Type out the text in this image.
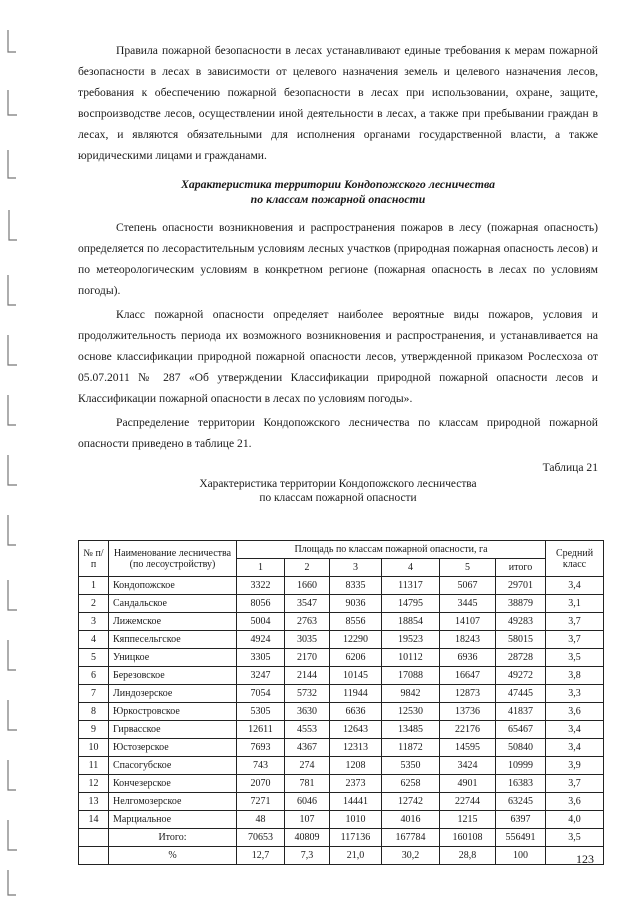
Правила пожарной безопасности в лесах устанавливают единые требования к мерам пожарной безопасности в лесах в зависимости от целевого назначения земель и целевого назначения лесов, требования к обеспечению пожарной безопасности в лесах при использовании, охране, защите, воспроизводстве лесов, осуществлении иной деятельности в лесах, а также при пребывании граждан в лесах, и являются обязательными для исполнения органами государственной власти, а также юридическими лицами и гражданами.

Характеристика территории Кондопожского лесничества
по классам пожарной опасности

Степень опасности возникновения и распространения пожаров в лесу (пожарная опасность) определяется по лесорастительным условиям лесных участков (природная пожарная опасность лесов) и по метеорологическим условиям в конкретном регионе (пожарная опасность в лесах по условиям погоды).

Класс пожарной опасности определяет наиболее вероятные виды пожаров, условия и продолжительность периода их возможного возникновения и распространения, и устанавливается на основе классификации природной пожарной опасности лесов, утвержденной приказом Рослесхоза от 05.07.2011 № 287 «Об утверждении Классификации природной пожарной опасности лесов и Классификации пожарной опасности в лесах по условиям погоды».

Распределение территории Кондопожского лесничества по классам природной пожарной опасности приведено в таблице 21.

Таблица 21
Характеристика территории Кондопожского лесничества
по классам пожарной опасности
№ п/п	Наименование лесничества (по лесоустройству)	Площадь по классам пожарной опасности, га						Средний класс
		1	2	3	4	5	итого	
1	Кондопожское	3322	1660	8335	11317	5067	29701	3,4
2	Сандальское	8056	3547	9036	14795	3445	38879	3,1
3	Лижемское	5004	2763	8556	18854	14107	49283	3,7
4	Кяппесельгское	4924	3035	12290	19523	18243	58015	3,7
5	Уницкое	3305	2170	6206	10112	6936	28728	3,5
6	Березовское	3247	2144	10145	17088	16647	49272	3,8
7	Линдозерское	7054	5732	11944	9842	12873	47445	3,3
8	Юркостровское	5305	3630	6636	12530	13736	41837	3,6
9	Гирвасское	12611	4553	12643	13485	22176	65467	3,4
10	Юстозерское	7693	4367	12313	11872	14595	50840	3,4
11	Спасогубское	743	274	1208	5350	3424	10999	3,9
12	Кончезерское	2070	781	2373	6258	4901	16383	3,7
13	Нелгомозерское	7271	6046	14441	12742	22744	63245	3,6
14	Марциальное	48	107	1010	4016	1215	6397	4,0
	Итого:	70653	40809	117136	167784	160108	556491	3,5
	%	12,7	7,3	21,0	30,2	28,8	100		123
